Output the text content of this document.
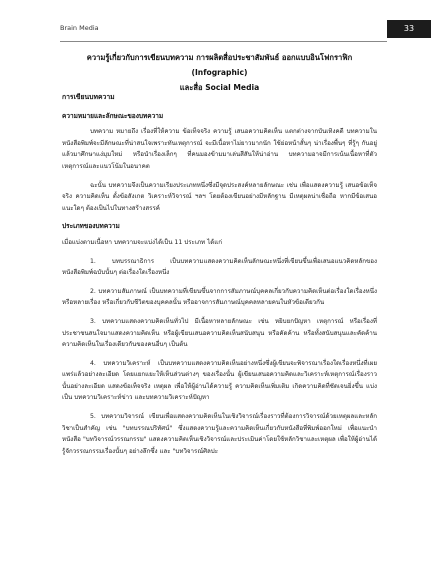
Brain Media	33
ความรู้เกี่ยวกับการเขียนบทความ การผลิตสื่อประชาสัมพันธ์ ออกแบบอินโฟกราฟิก (Infographic)
และสื่อ Social Media
การเขียนบทความ
ความหมายและลักษณะของบทความ

บทความ หมายถึง เรื่องที่ให้ความ ข้อเท็จจริง ความรู้ เสนอความคิดเห็น แตกต่างจากบันเทิงคดี บทความในหนังสือพิมพ์จะมีลักษณะที่น่าสนใจเพราะทันเหตุการณ์ จะมีเนื้อหาไม่ยาวมากนัก ใช้ย่อหน้าสั้นๆ น่าเรื่องพื้นๆ ที่รู้ๆ กันอยู่แล้วมาศึกษาแง่มุมใหม่ หรือนำเรื่องเล็กๆ ที่คนมองข้ามมาเล่นสีสันให้น่าอ่าน บทความอาจมีการเน้นเนื้อหาที่ตัวเหตุการณ์และแนวโน้มในอนาคต

ฉะนั้น บทความจึงเป็นความเรียงประเภทหนึ่งซึ่งมีจุดประสงค์หลายลักษณะ เช่น เพื่อแสดงความรู้ เสนอข้อเท็จจริง ความคิดเห็น ตั้งข้อสังเกต วิเคราะห์วิจารณ์ ฯลฯ โดยต้องเขียนอย่างมีหลักฐาน มีเหตุผลน่าเชื่อถือ หากมีข้อเสนอแนะใดๆ ต้องเป็นไปในทางสร้างสรรค์

ประเภทของบทความ

เมื่อแบ่งตามเนื้อหา บทความจะแบ่งได้เป็น 11 ประเภท ได้แก่

1. บทบรรณาธิการ เป็นบทความแสดงความคิดเห็นลักษณะหนึ่งที่เขียนขึ้นเพื่อเสนอแนวคิดหลักของหนังสือพิมพ์ฉบับนั้นๆ ต่อเรื่องใดเรื่องหนึ่ง

2. บทความสัมภาษณ์ เป็นบทความที่เขียนขึ้นจากการสัมภาษณ์บุคคลเกี่ยวกับความคิดเห็นต่อเรื่องใดเรื่องหนึ่งหรือหลายเรื่อง หรือเกี่ยวกับชีวิตของบุคคลนั้น หรืออาจการสัมภาษณ์บุคคลหลายคนในหัวข้อเดียวกัน

3. บทความแสดงความคิดเห็นทั่วไป มีเนื้อหาหลายลักษณะ เช่น หยิบยกปัญหา เหตุการณ์ หรือเรื่องที่ประชาชนสนใจมาแสดงความคิดเห็น หรือผู้เขียนเสนอความคิดเห็นสนับสนุน หรือคัดค้าน หรือทั้งสนับสนุนและคัดค้านความคิดเห็นในเรื่องเดียวกันของคนอื่นๆ เป็นต้น

4. บทความวิเคราะห์ เป็นบทความแสดงความคิดเห็นอย่างหนึ่งซึ่งผู้เขียนจะพิจารณาเรื่องใดเรื่องหนึ่งที่เผยแพร่แล้วอย่างละเอียด โดยแยกแยะให้เห็นส่วนต่างๆ ของเรื่องนั้น ผู้เขียนเสนอความคิดและวิเคราะห์เหตุการณ์เรื่องราวนั้นอย่างละเอียด แสดงข้อเท็จจริง เหตุผล เพื่อให้ผู้อ่านได้ความรู้ ความคิดเห็นเพิ่มเติม เกิดความคิดที่ชัดเจนยิ่งขึ้น แบ่งเป็น บทความวิเคราะห์ข่าว และบทความวิเคราะห์ปัญหา

5. บทความวิจารณ์ เขียนเพื่อแสดงความคิดเห็นในเชิงวิจารณ์เรื่องราวที่ต้องการวิจารณ์ด้วยเหตุผลและหลักวิชาเป็นสำคัญ เช่น "บทบรรณปริทัศน์" ซึ่งแสดงความรู้และความคิดเห็นเกี่ยวกับหนังสือที่พิมพ์ออกใหม่ เพื่อแนะนำหนังสือ "บทวิจารณ์วรรณกรรม" แสดงความคิดเห็นเชิงวิจารณ์และประเมินค่าโดยใช้หลักวิชาและเหตุผล เพื่อให้ผู้อ่านได้รู้จักวรรณกรรมเรื่องนั้นๆ อย่างลึกซึ้ง และ "บทวิจารณ์ศิลปะ
